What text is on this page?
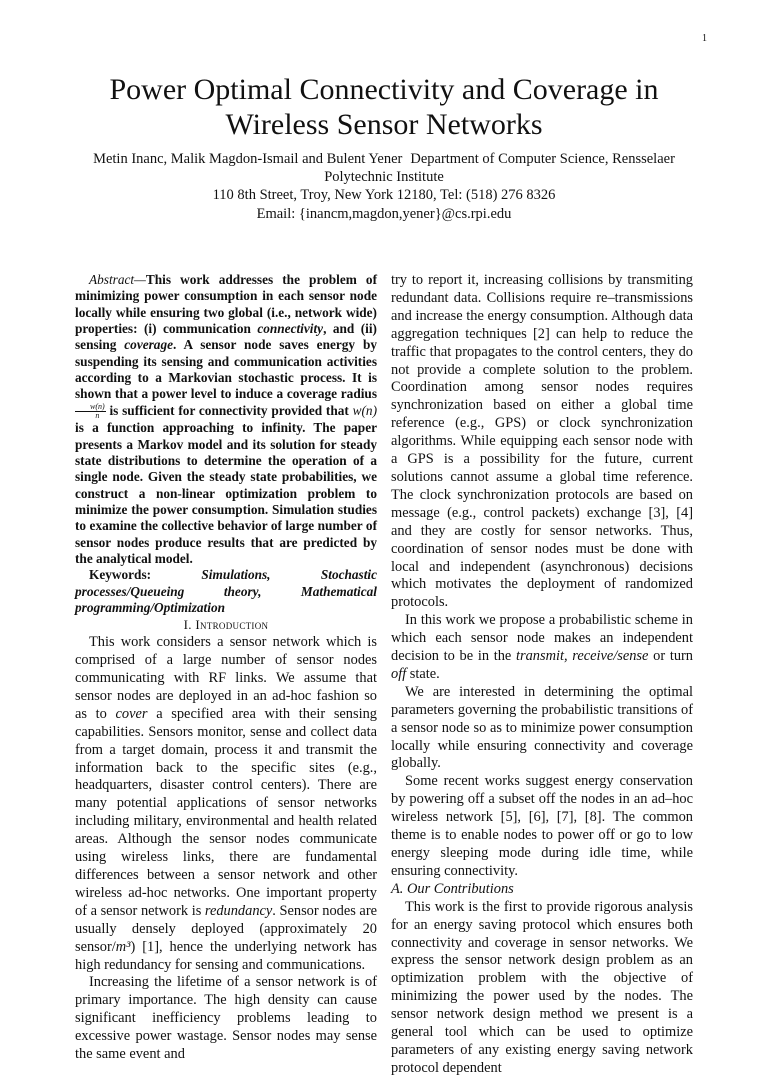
1
Power Optimal Connectivity and Coverage in
Wireless Sensor Networks
Metin Inanc, Malik Magdon-Ismail and Bulent Yener Department of Computer Science, Rensselaer
Polytechnic Institute
110 8th Street, Troy, New York 12180, Tel: (518) 276 8326
Email: {inancm,magdon,yener}@cs.rpi.edu

Abstract—This work addresses the problem of minimizing power consumption in each sensor node locally while ensuring two global (i.e., network wide) properties: (i) communication connectivity, and (ii) sensing coverage. A sensor node saves energy by suspending its sensing and communication activities according to a Markovian stochastic process. It is shown that a power level to induce a coverage radius
$\frac{w(n)}{n}$ is sufficient for connectivity provided that w(n) is a function approaching to infinity. The paper presents a Markov model and its solution for steady state distributions to determine the operation of a single node. Given the steady state probabilities, we construct a non-linear optimization problem to minimize the power consumption. Simulation studies to examine the collective behavior of large number of sensor nodes produce results that are predicted by the analytical model.

Keywords:	Simulations, Stochastic processes/Queueing theory, Mathematical programming/Optimization

I. Introduction

This work considers a sensor network which is comprised of a large number of sensor nodes communicating with RF links. We assume that sensor nodes are deployed in an ad-hoc fashion so as to cover a specified area with their sensing capabilities. Sensors monitor, sense and collect data from a target domain, process it and transmit the information back to the specific sites (e.g., headquarters, disaster control centers). There are many potential applications of sensor networks including military, environmental and health related areas. Although the sensor nodes communicate using wireless links, there are fundamental differences between a sensor network and other wireless ad-hoc networks. One important property of a sensor network is redundancy. Sensor nodes are usually densely deployed (approximately 20 sensor/m³) [1], hence the underlying network has high redundancy for sensing and communications.

Increasing the lifetime of a sensor network is of primary importance. The high density can cause significant inefficiency problems leading to excessive power wastage. Sensor nodes may sense the same event and

try to report it, increasing collisions by transmiting redundant data. Collisions require re–transmissions and increase the energy consumption. Although data aggregation techniques [2] can help to reduce the traffic that propagates to the control centers, they do not provide a complete solution to the problem. Coordination among sensor nodes requires synchronization based on either a global time reference (e.g., GPS) or clock synchronization algorithms. While equipping each sensor node with a GPS is a possibility for the future, current solutions cannot assume a global time reference. The clock synchronization protocols are based on message (e.g., control packets) exchange [3], [4] and they are costly for sensor networks. Thus, coordination of sensor nodes must be done with local and independent (asynchronous) decisions which motivates the deployment of randomized protocols.

In this work we propose a probabilistic scheme in which each sensor node makes an independent decision to be in the transmit, receive/sense or turn off state.

We are interested in determining the optimal parameters governing the probabilistic transitions of a sensor node so as to minimize power consumption locally while ensuring connectivity and coverage globally.

Some recent works suggest energy conservation by powering off a subset off the nodes in an ad–hoc wireless network [5], [6], [7], [8]. The common theme is to enable nodes to power off or go to low energy sleeping mode during idle time, while ensuring connectivity.

A. Our Contributions

This work is the first to provide rigorous analysis for an energy saving protocol which ensures both connectivity and coverage in sensor networks. We express the sensor network design problem as an optimization problem with the objective of minimizing the power used by the nodes. The sensor network design method we present is a general tool which can be used to optimize parameters of any existing energy saving network protocol dependent
